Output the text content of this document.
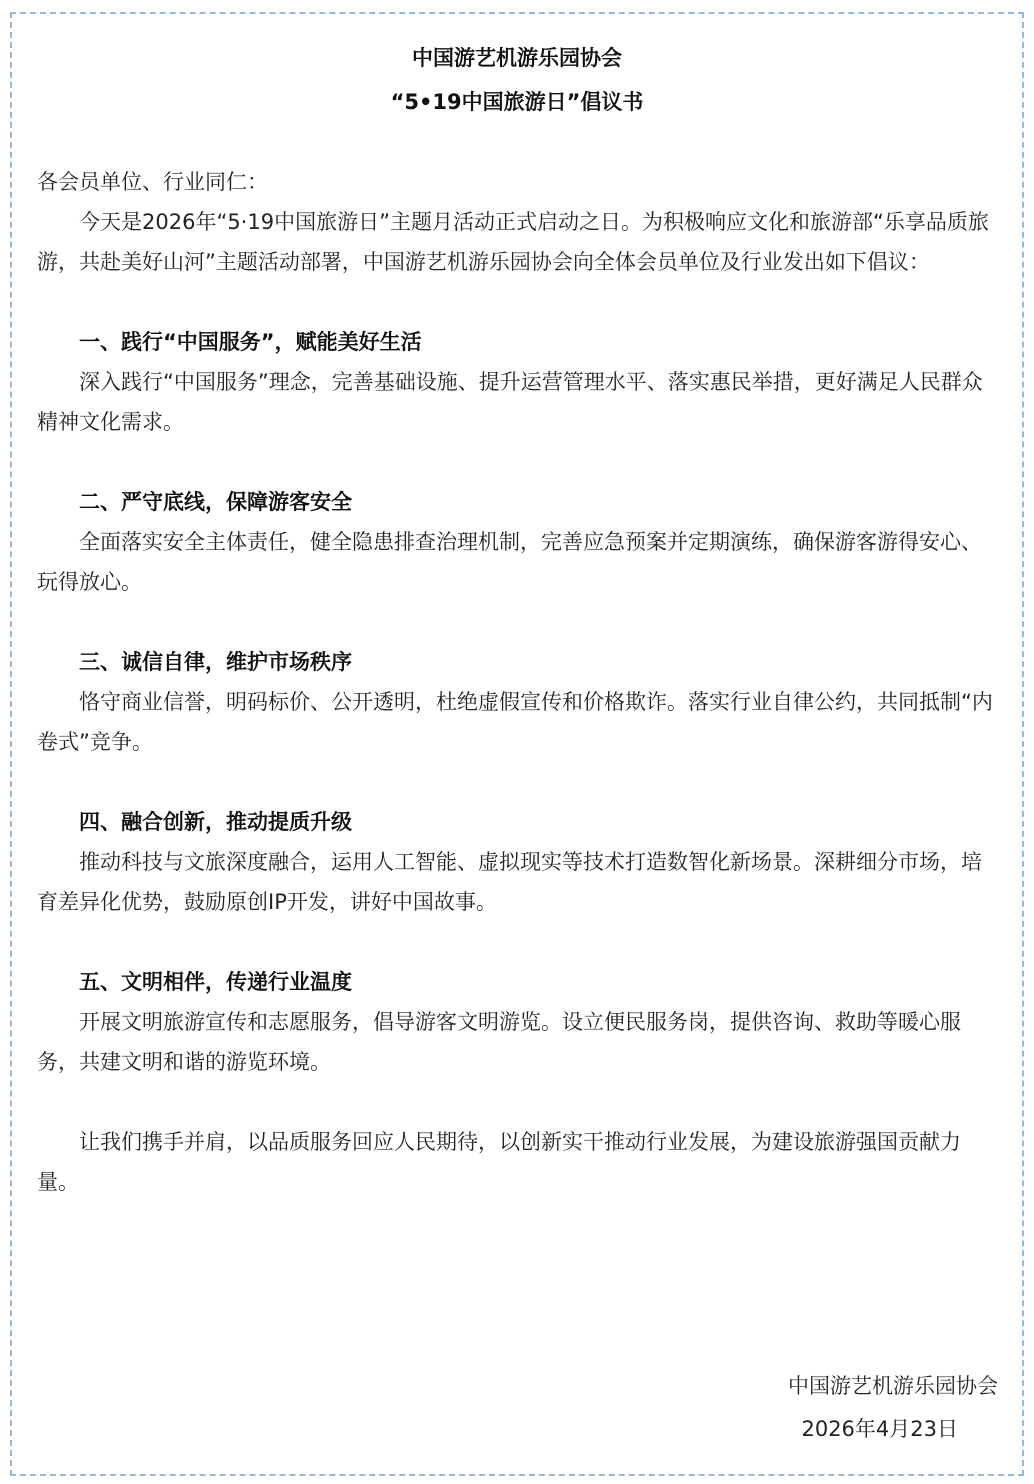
中国游艺机游乐园协会
“5•19中国旅游日”倡议书

各会员单位、行业同仁：

今天是2026年“5·19中国旅游日”主题月活动正式启动之日。为积极响应文化和旅游部“乐享品质旅游，共赴美好山河”主题活动部署，中国游艺机游乐园协会向全体会员单位及行业发出如下倡议：

一、践行“中国服务”，赋能美好生活

深入践行“中国服务”理念，完善基础设施、提升运营管理水平、落实惠民举措，更好满足人民群众精神文化需求。

二、严守底线，保障游客安全

全面落实安全主体责任，健全隐患排查治理机制，完善应急预案并定期演练，确保游客游得安心、玩得放心。

三、诚信自律，维护市场秩序

恪守商业信誉，明码标价、公开透明，杜绝虚假宣传和价格欺诈。落实行业自律公约，共同抵制“内卷式”竞争。

四、融合创新，推动提质升级

推动科技与文旅深度融合，运用人工智能、虚拟现实等技术打造数智化新场景。深耕细分市场，培育差异化优势，鼓励原创IP开发，讲好中国故事。

五、文明相伴，传递行业温度

开展文明旅游宣传和志愿服务，倡导游客文明游览。设立便民服务岗，提供咨询、救助等暖心服务，共建文明和谐的游览环境。

让我们携手并肩，以品质服务回应人民期待，以创新实干推动行业发展，为建设旅游强国贡献力量。

中国游艺机游乐园协会

2026年4月23日
